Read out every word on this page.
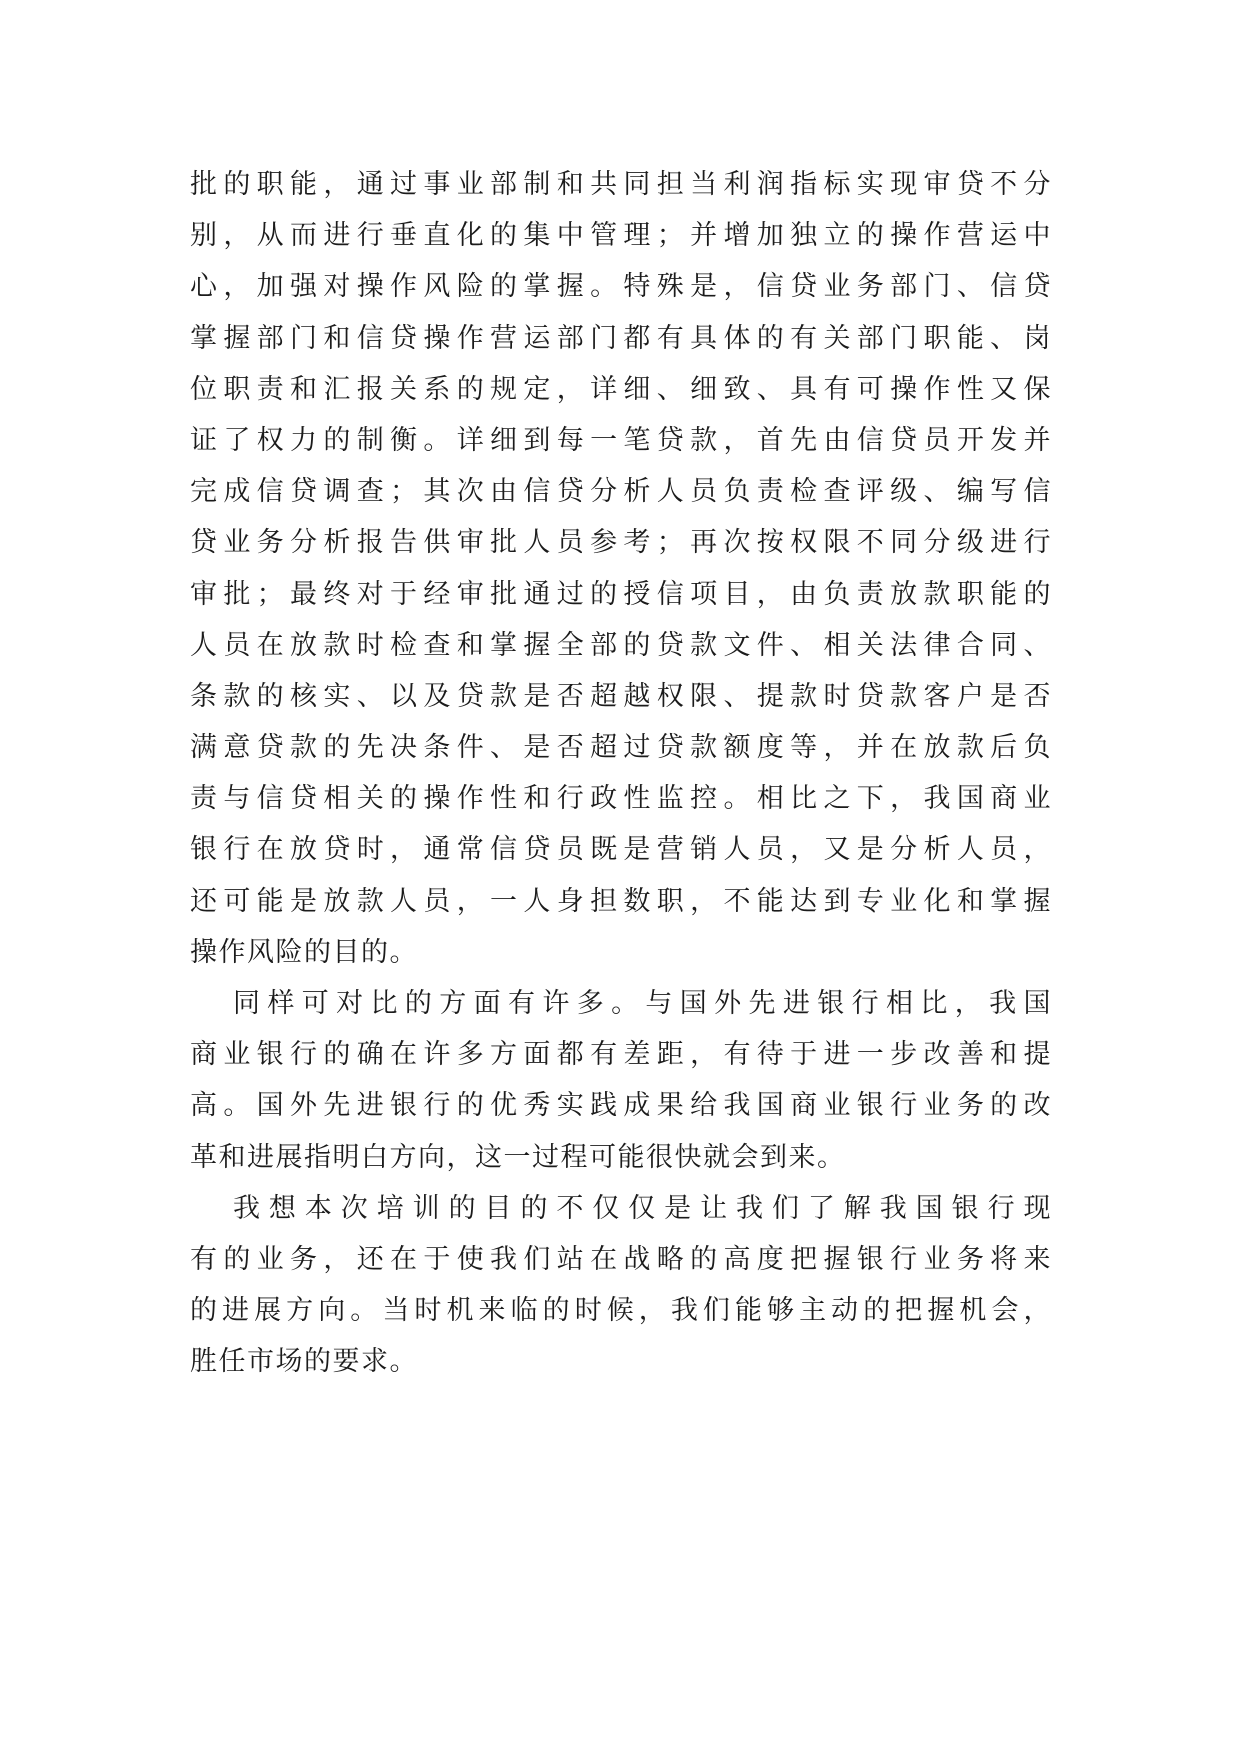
批的职能，通过事业部制和共同担当利润指标实现审贷不分
别，从而进行垂直化的集中管理；并增加独立的操作营运中
心，加强对操作风险的掌握。特殊是，信贷业务部门、信贷
掌握部门和信贷操作营运部门都有具体的有关部门职能、岗
位职责和汇报关系的规定，详细、细致、具有可操作性又保
证了权力的制衡。详细到每一笔贷款，首先由信贷员开发并
完成信贷调查；其次由信贷分析人员负责检查评级、编写信
贷业务分析报告供审批人员参考；再次按权限不同分级进行
审批；最终对于经审批通过的授信项目，由负责放款职能的
人员在放款时检查和掌握全部的贷款文件、相关法律合同、
条款的核实、以及贷款是否超越权限、提款时贷款客户是否
满意贷款的先决条件、是否超过贷款额度等，并在放款后负
责与信贷相关的操作性和行政性监控。相比之下，我国商业
银行在放贷时，通常信贷员既是营销人员，又是分析人员，
还可能是放款人员，一人身担数职，不能达到专业化和掌握
操作风险的目的。
同样可对比的方面有许多。与国外先进银行相比，我国
商业银行的确在许多方面都有差距，有待于进一步改善和提
高。国外先进银行的优秀实践成果给我国商业银行业务的改
革和进展指明白方向，这一过程可能很快就会到来。
我想本次培训的目的不仅仅是让我们了解我国银行现
有的业务，还在于使我们站在战略的高度把握银行业务将来
的进展方向。当时机来临的时候，我们能够主动的把握机会，
胜任市场的要求。
